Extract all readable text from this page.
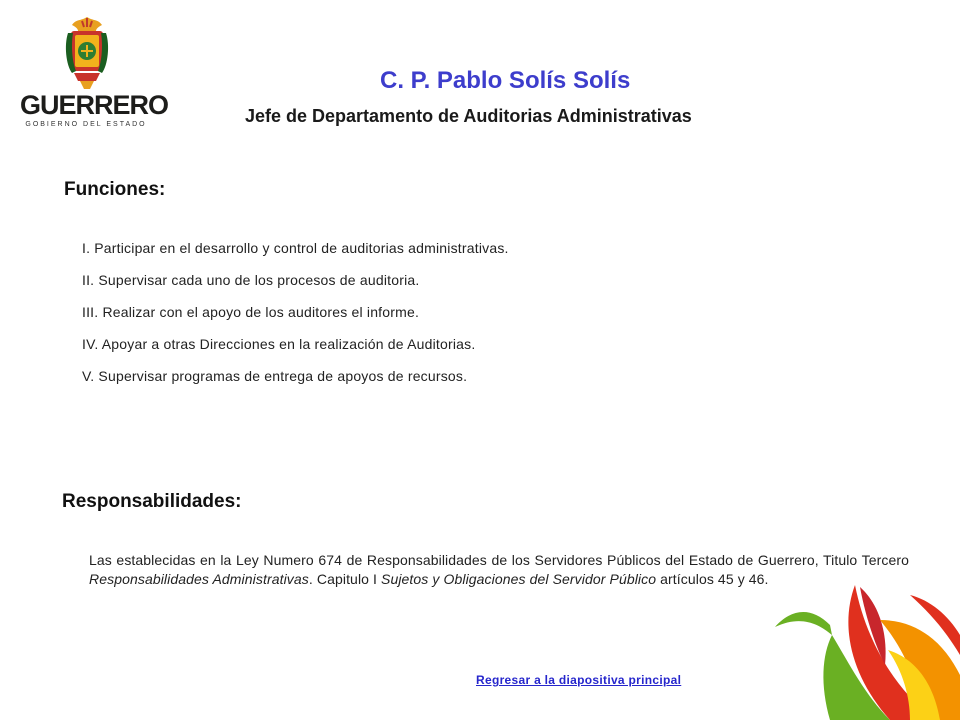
GUERRERO
GOBIERNO DEL ESTADO
C. P. Pablo Solís Solís
Jefe de Departamento de Auditorias Administrativas
Funciones:
I. Participar en el desarrollo y control de auditorias administrativas.
II. Supervisar cada uno de los procesos de auditoria.
III. Realizar con el apoyo de los auditores el informe.
IV. Apoyar a otras Direcciones en la realización de Auditorias.
V. Supervisar programas de entrega de apoyos de recursos.
Responsabilidades:
Las establecidas en la Ley Numero 674 de Responsabilidades de los Servidores Públicos del Estado de Guerrero, Titulo Tercero Responsabilidades Administrativas. Capitulo I Sujetos y Obligaciones del Servidor Público artículos 45 y 46.
Regresar a la diapositiva principal
